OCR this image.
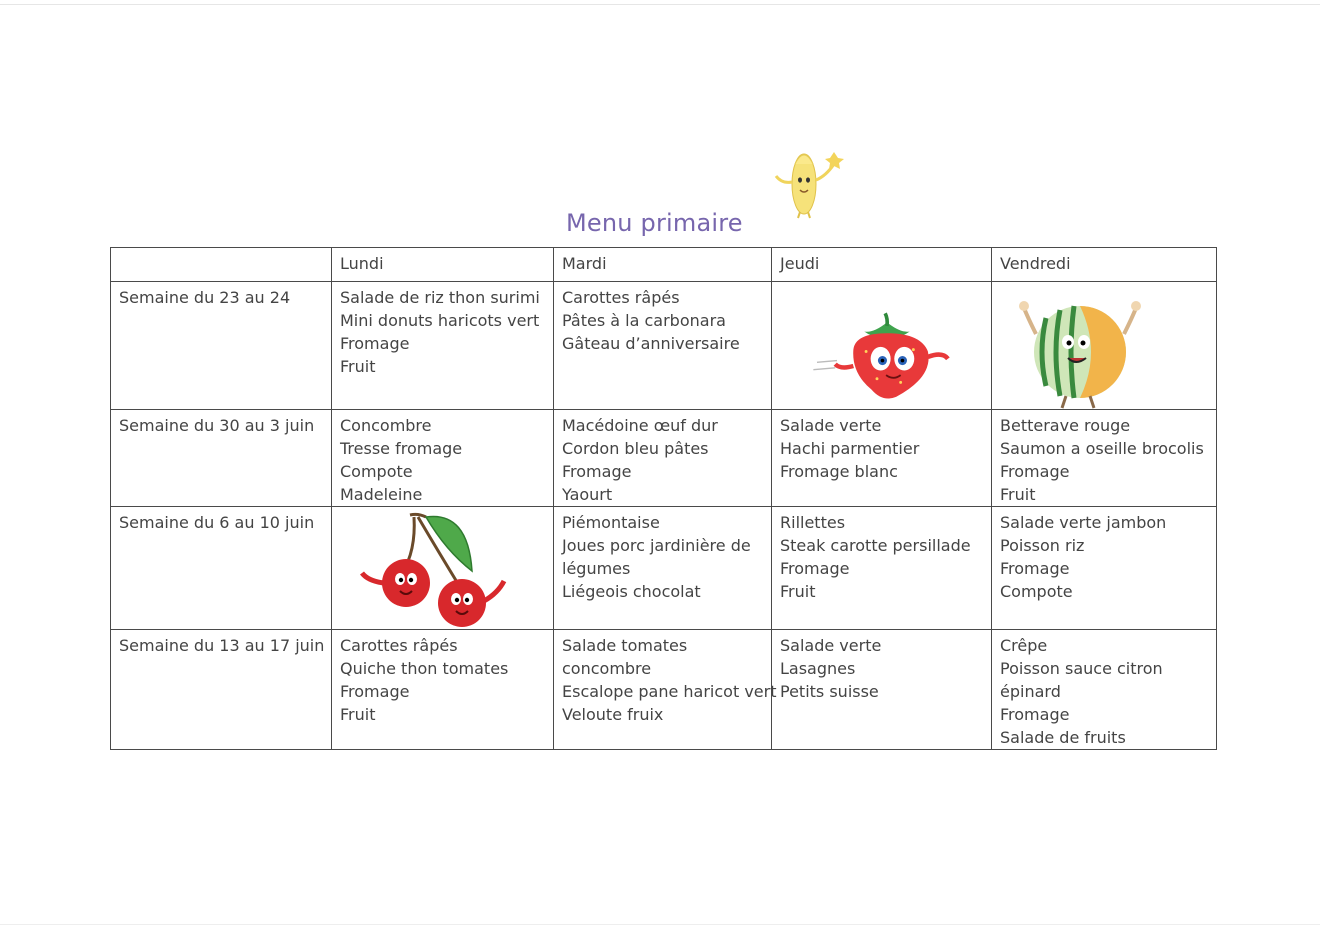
Menu primaire
	Lundi	Mardi	Jeudi	Vendredi

Semaine du 23 au 24	Salade de riz thon surimi
Mini donuts haricots vert
Fromage
Fruit	Carottes râpés
Pâtes à la carbonara
Gâteau d’anniversaire

Semaine du 30 au 3 juin	Concombre
Tresse fromage
Compote
Madeleine	Macédoine œuf dur
Cordon bleu pâtes
Fromage
Yaourt	Salade verte
Hachi parmentier
Fromage blanc	Betterave rouge
Saumon a oseille brocolis
Fromage
Fruit

Semaine du 6 au 10 juin		Piémontaise
Joues porc jardinière de
légumes
Liégeois chocolat	Rillettes
Steak carotte persillade
Fromage
Fruit	Salade verte jambon
Poisson riz
Fromage
Compote

Semaine du 13 au 17 juin	Carottes râpés
Quiche thon tomates
Fromage
Fruit	Salade tomates
concombre
Escalope pane haricot vert
Veloute fruix	Salade verte
Lasagnes
Petits suisse	Crêpe
Poisson sauce citron
épinard
Fromage
Salade de fruits
